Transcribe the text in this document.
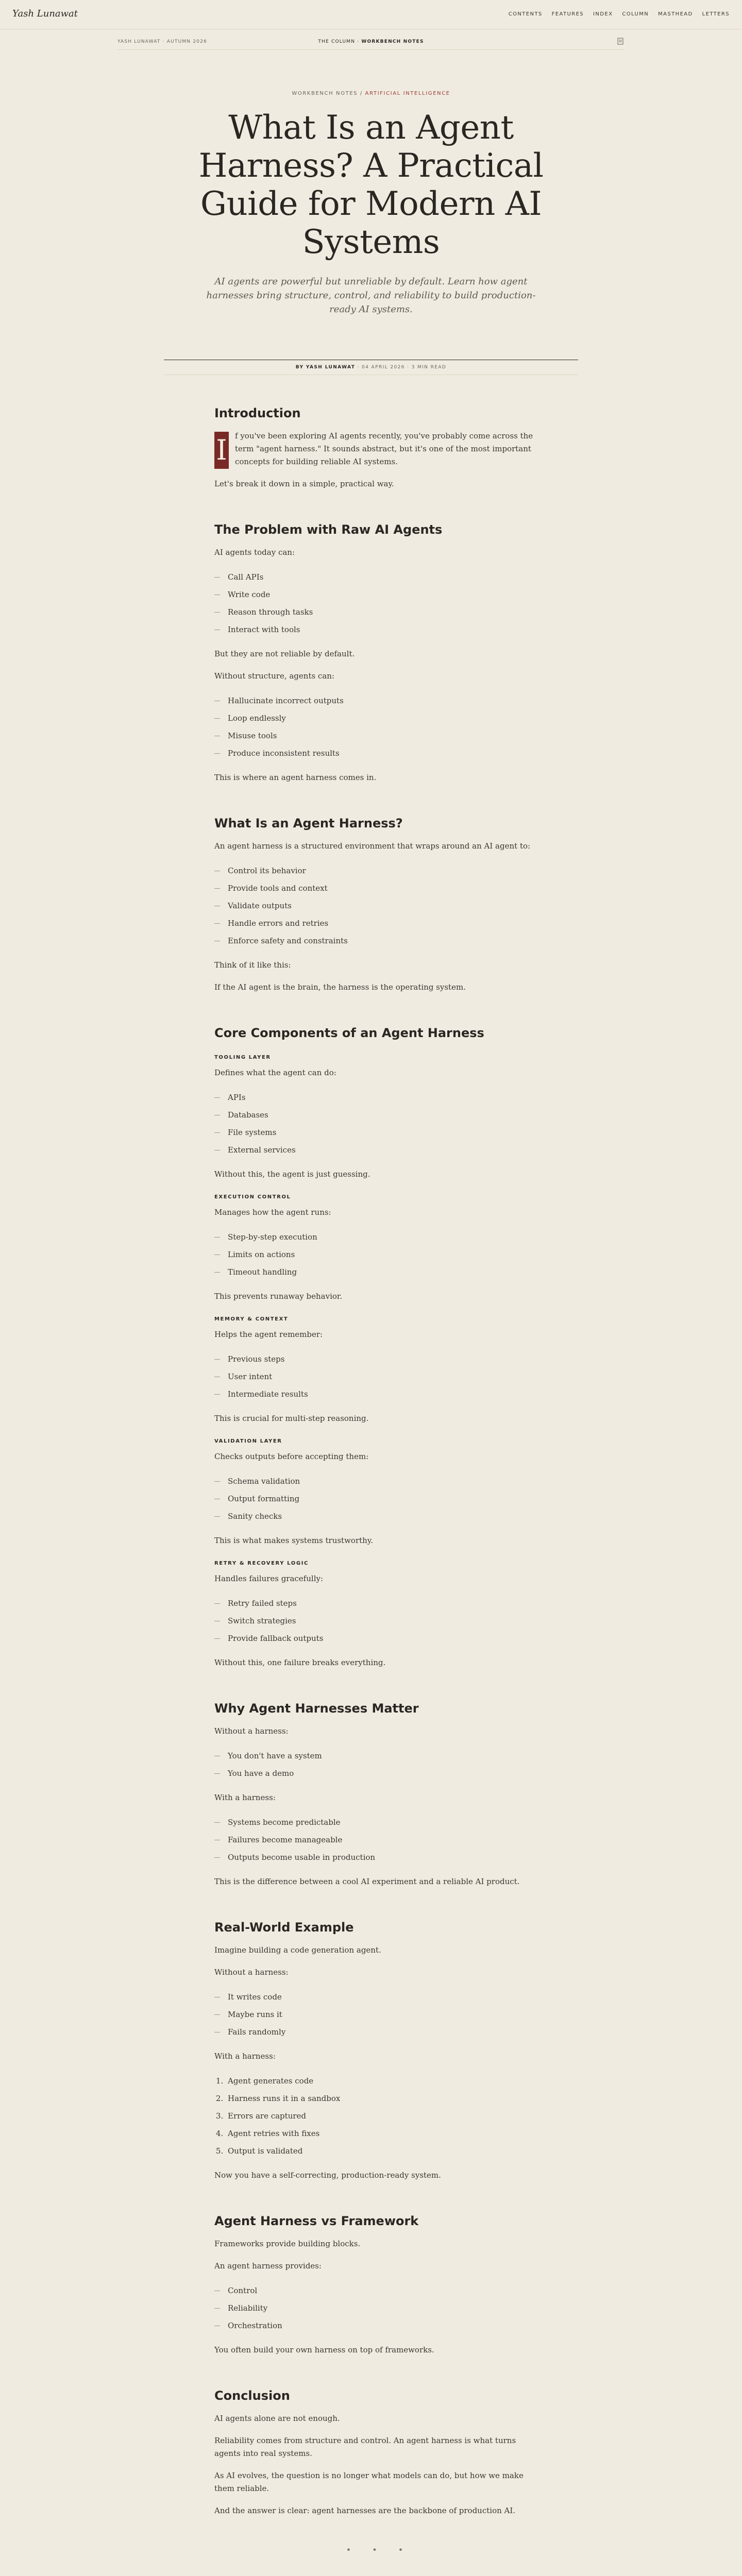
Yash Lunawat	CONTENTS FEATURES INDEX COLUMN MASTHEAD LETTERS
YASH LUNAWAT · AUTUMN 2026	THE COLUMN · WORKBENCH NOTES
WORKBENCH NOTES / ARTIFICIAL INTELLIGENCE
What Is an Agent Harness? A Practical Guide for Modern AI Systems

AI agents are powerful but unreliable by default. Learn how agent harnesses bring structure, control, and reliability to build production-ready AI systems.

BY YASH LUNAWAT · 04 APRIL 2026 · 3 MIN READ
Introduction

I f you've been exploring AI agents recently, you've probably come across the term "agent harness." It sounds abstract, but it's one of the most important concepts for building reliable AI systems.

Let's break it down in a simple, practical way.

The Problem with Raw AI Agents

AI agents today can:

Call APIs
Write code
Reason through tasks
Interact with tools

But they are not reliable by default.

Without structure, agents can:

Hallucinate incorrect outputs
Loop endlessly
Misuse tools
Produce inconsistent results

This is where an agent harness comes in.

What Is an Agent Harness?

An agent harness is a structured environment that wraps around an AI agent to:

Control its behavior
Provide tools and context
Validate outputs
Handle errors and retries
Enforce safety and constraints

Think of it like this:

If the AI agent is the brain, the harness is the operating system.

Core Components of an Agent Harness
TOOLING LAYER

Defines what the agent can do:

APIs
Databases
File systems
External services

Without this, the agent is just guessing.

EXECUTION CONTROL

Manages how the agent runs:

Step-by-step execution
Limits on actions
Timeout handling

This prevents runaway behavior.

MEMORY & CONTEXT

Helps the agent remember:

Previous steps
User intent
Intermediate results

This is crucial for multi-step reasoning.

VALIDATION LAYER

Checks outputs before accepting them:

Schema validation
Output formatting
Sanity checks

This is what makes systems trustworthy.

RETRY & RECOVERY LOGIC

Handles failures gracefully:

Retry failed steps
Switch strategies
Provide fallback outputs

Without this, one failure breaks everything.

Why Agent Harnesses Matter

Without a harness:

You don't have a system
You have a demo

With a harness:

Systems become predictable
Failures become manageable
Outputs become usable in production

This is the difference between a cool AI experiment and a reliable AI product.

Real-World Example

Imagine building a code generation agent.

Without a harness:

It writes code
Maybe runs it
Fails randomly

With a harness:

1. Agent generates code
2. Harness runs it in a sandbox
3. Errors are captured
4. Agent retries with fixes
5. Output is validated

Now you have a self-correcting, production-ready system.

Agent Harness vs Framework

Frameworks provide building blocks.

An agent harness provides:

Control
Reliability
Orchestration

You often build your own harness on top of frameworks.

Conclusion

AI agents alone are not enough.

Reliability comes from structure and control. An agent harness is what turns agents into real systems.

As AI evolves, the question is no longer what models can do, but how we make them reliable.

And the answer is clear: agent harnesses are the backbone of production AI.

• • •
